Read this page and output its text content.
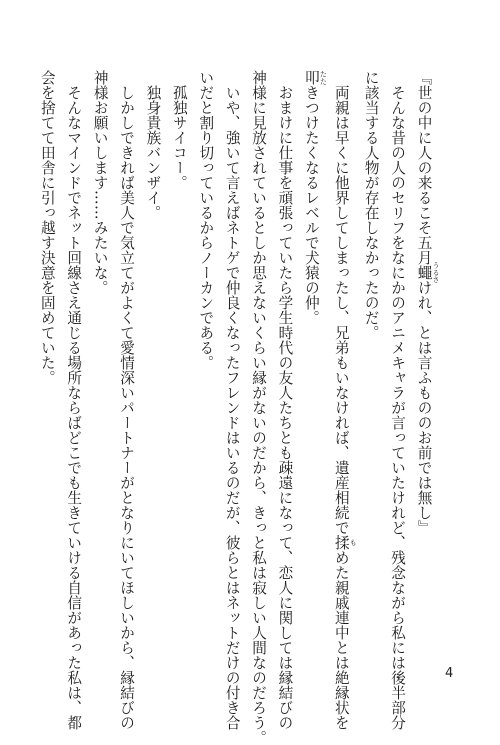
『世の中に人の来るこそ五月蠅 うるさけれ、とは言ふもののお前では無し』
　そんな昔の人のセリフをなにかのアニメキャラが言っていたけれど、残念ながら私には後半部分
に該当する人物が存在しなかったのだ。
　両親は早くに他界してしまったし、兄弟もいなければ、遺産相続で揉 もめた親戚連中とは絶縁状を
叩 たたきつけたくなるレベルで犬猿の仲。
　おまけに仕事を頑張っていたら学生時代の友人たちとも疎遠になって、恋人に関しては縁結びの
神様に見放されているとしか思えないくらい縁がないのだから、きっと私は寂しい人間なのだろう。
　いや、強いて言えばネトゲで仲良くなったフレンドはいるのだが、彼らとはネットだけの付き合
いだと割り切っているからノーカンである。
　孤独サイコー。
　独身貴族バンザイ。
　しかしできれば美人で気立てがよくて愛情深いパートナーがとなりにいてほしいから、縁結びの
神様お願いします……みたいな。
　そんなマインドでネット回線さえ通じる場所ならばどこでも生きていける自信があった私は、都
会を捨てて田舎に引っ越す決意を固めていた。
4
